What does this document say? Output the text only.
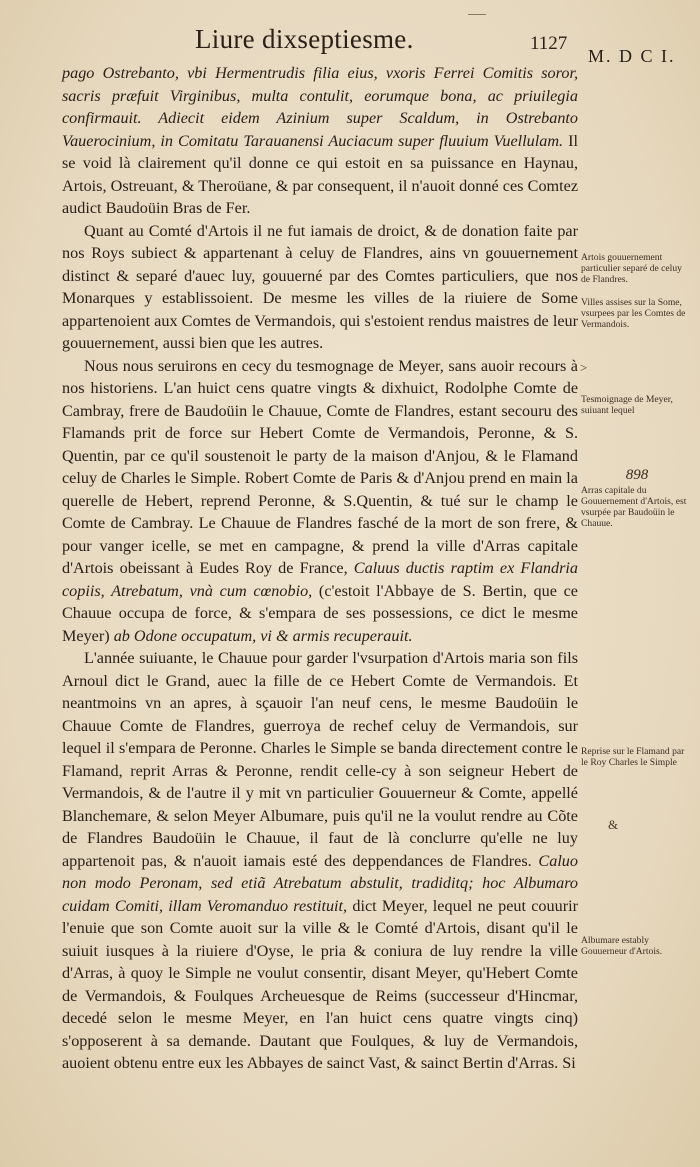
Liure dixseptiesme.	1127
M. D C I.

pago Ostrebanto, vbi Hermentrudis filia eius, vxoris Ferrei Comitis soror, sacris præfuit Virginibus, multa contulit, eorumque bona, ac priuilegia confirmauit. Adiecit eidem Azinium super Scaldum, in Ostrebanto Vauerocinium, in Comitatu Tarauanensi Auciacum super fluuium Vuellulam. Il se void là clairement qu'il donne ce qui estoit en sa puissance en Haynau, Artois, Ostreuant, & Theroüane, & par consequent, il n'auoit donné ces Comtez audict Baudoüin Bras de Fer.

Quant au Comté d'Artois il ne fut iamais de droict, & de donation faite par nos Roys subiect & appartenant à celuy de Flandres, ains vn gouuernement distinct & separé d'auec luy, gouuerné par des Comtes particuliers, que nos Monarques y establissoient. De mesme les villes de la riuiere de Some appartenoient aux Comtes de Vermandois, qui s'estoient rendus maistres de leur gouuernement, aussi bien que les autres.

Nous nous seruirons en cecy du tesmognage de Meyer, sans auoir recours à nos historiens. L'an huict cens quatre vingts & dixhuict, Rodolphe Comte de Cambray, frere de Baudoüin le Chauue, Comte de Flandres, estant secouru des Flamands prit de force sur Hebert Comte de Vermandois, Peronne, & S. Quentin, par ce qu'il soustenoit le party de la maison d'Anjou, & le Flamand celuy de Charles le Simple. Robert Comte de Paris & d'Anjou prend en main la querelle de Hebert, reprend Peronne, & S.Quentin, & tué sur le champ le Comte de Cambray. Le Chauue de Flandres fasché de la mort de son frere, & pour vanger icelle, se met en campagne, & prend la ville d'Arras capitale d'Artois obeissant à Eudes Roy de France, Caluus ductis raptim ex Flandria copiis, Atrebatum, vnà cum cœnobio, (c'estoit l'Abbaye de S. Bertin, que ce Chauue occupa de force, & s'empara de ses possessions, ce dict le mesme Meyer) ab Odone occupatum, vi & armis recuperauit.

L'année suiuante, le Chauue pour garder l'vsurpation d'Artois maria son fils Arnoul dict le Grand, auec la fille de ce Hebert Comte de Vermandois. Et neantmoins vn an apres, à sçauoir l'an neuf cens, le mesme Baudoüin le Chauue Comte de Flandres, guerroya de rechef celuy de Vermandois, sur lequel il s'empara de Peronne. Charles le Simple se banda directement contre le Flamand, reprit Arras & Peronne, rendit celle-cy à son seigneur Hebert de Vermandois, & de l'autre il y mit vn particulier Gouuerneur & Comte, appellé Blanchemare, & selon Meyer Albumare, puis qu'il ne la voulut rendre au Cõte de Flandres Baudoüin le Chauue, il faut de là conclurre qu'elle ne luy appartenoit pas, & n'auoit iamais esté des deppendances de Flandres. Caluo non modo Peronam, sed etiã Atrebatum abstulit, tradiditq; hoc Albumaro cuidam Comiti, illam Veromanduo restituit, dict Meyer, lequel ne peut couurir l'enuie que son Comte auoit sur la ville & le Comté d'Artois, disant qu'il le suiuit iusques à la riuiere d'Oyse, le pria & coniura de luy rendre la ville d'Arras, à quoy le Simple ne voulut consentir, disant Meyer, qu'Hebert Comte de Vermandois, & Foulques Archeuesque de Reims (successeur d'Hincmar, decedé selon le mesme Meyer, en l'an huict cens quatre vingts cinq) s'opposerent à sa demande. Dautant que Foulques, & luy de Vermandois, auoient obtenu entre eux les Abbayes de sainct Vast, & sainct Bertin d'Arras. Si

Artois gouuernement particulier separé de celuy de Flandres.
Villes assises sur la Some, vsurpees par les Comtes de Vermandois.
>
Tesmoignage de Meyer, suiuant lequel
898
Arras capitale du Gouuernement d'Artois, est vsurpée par Baudoüin le Chauue.
Reprise sur le Flamand par le Roy Charles le Simple
&
Albumare estably Gouuerneur d'Artois.
